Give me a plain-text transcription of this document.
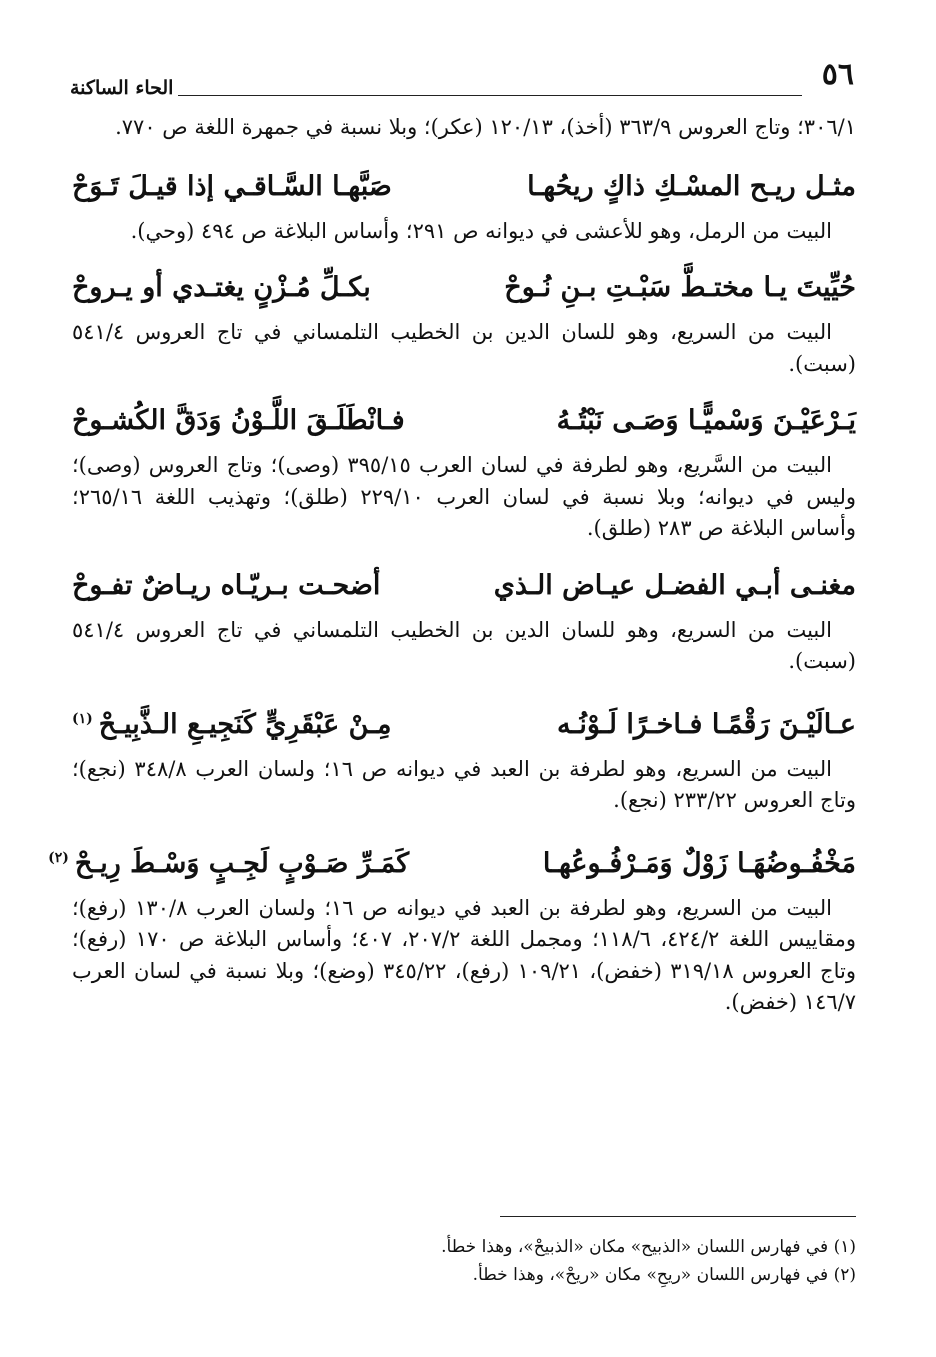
٥٦
الحاء الساكنة

٣٠٦/١؛ وتاج العروس ٣٦٣/٩ (أخذ)، ١٢٠/١٣ (عكر)؛ وبلا نسبة في جمهرة اللغة ص ٧٧٠.

مثـل ريـح المسْـكِ ذاكٍ ريحُهـا
صَبَّهـا السَّـاقـي إذا قيـلَ تَـوَحْ

البيت من الرمل، وهو للأعشى في ديوانه ص ٢٩١؛ وأساس البلاغة ص ٤٩٤ (وحي).

حُيِّيتَ يـا مختـطَّ سَبْـتِ بـنِ نُـوحْ
بكـلِّ مُـزْنٍ يغتـدي أو يـروحْ

البيت من السريع، وهو للسان الدين بن الخطيب التلمساني في تاج العروس ٥٤١/٤ (سبت).

يَـرْعَيْـنَ وَسْميًّـا وَصَـى نَبْتُـهُ
فـانْطَلَـقَ اللَّـوْنُ وَدَقَّ الكُشـوحْ

البيت من السَّريع، وهو لطرفة في لسان العرب ٣٩٥/١٥ (وصى)؛ وتاج العروس (وصى)؛ وليس في ديوانه؛ وبلا نسبة في لسان العرب ٢٢٩/١٠ (طلق)؛ وتهذيب اللغة ٢٦٥/١٦؛ وأساس البلاغة ص ٢٨٣ (طلق).

مغنـى أبـي الفضـل عيـاض الـذي
أضحـت بـريّـاه ريـاضٌ تفـوحْ

البيت من السريع، وهو للسان الدين بن الخطيب التلمساني في تاج العروس ٥٤١/٤ (سبت).

عـالَيْـنَ رَقْمًـا فـاخـرًا لَـوْنُـه
مِـنْ عَبْقَرِيٍّ كَنَجِيـعِ الـذَّبِيـحْ$^{(١)}$

البيت من السريع، وهو لطرفة بن العبد في ديوانه ص ١٦؛ ولسان العرب ٣٤٨/٨ (نجع)؛ وتاج العروس ٢٣٣/٢٢ (نجع).

مَخْفُـوضُهَـا زَوْلٌ وَمَـرْفُـوعُهـا
كَمَـرِّ صَـوْبٍ لَجِـبٍ وَسْـطَ رِيـحْ$^{(٢)}$

البيت من السريع، وهو لطرفة بن العبد في ديوانه ص ١٦؛ ولسان العرب ١٣٠/٨ (رفع)؛ ومقاييس اللغة ٤٢٤/٢، ١١٨/٦؛ ومجمل اللغة ٢٠٧/٢، ٤٠٧؛ وأساس البلاغة ص ١٧٠ (رفع)؛ وتاج العروس ٣١٩/١٨ (خفض)، ١٠٩/٢١ (رفع)، ٣٤٥/٢٢ (وضع)؛ وبلا نسبة في لسان العرب ١٤٦/٧ (خفض).

(١) في فهارس اللسان «الذبيح» مكان «الذبيحْ»، وهذا خطأ.

(٢) في فهارس اللسان «ريحِ» مكان «ريحْ»، وهذا خطأ.
